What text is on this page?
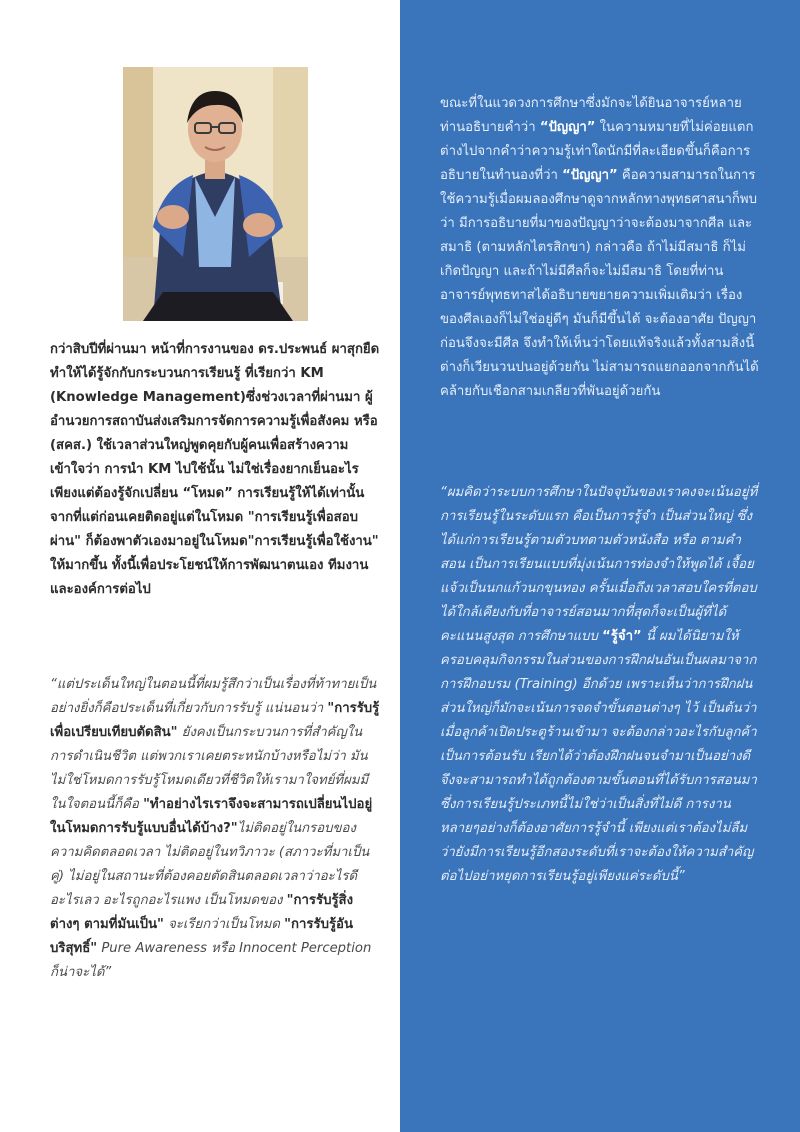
กว่าสิบปีที่ผ่านมา หน้าที่การงานของ ดร.ประพนธ์ ผาสุกยืด ทำให้ได้รู้จักกับกระบวนการเรียนรู้ ที่เรียกว่า KM (Knowledge Management)ซึ่งช่วงเวลาที่ผ่านมา ผู้อำนวยการสถาบันส่งเสริมการจัดการความรู้เพื่อสังคม หรือ (สคส.) ใช้เวลาส่วนใหญ่พูดคุยกับผู้คนเพื่อสร้างความเข้าใจว่า การนำ KM ไปใช้นั้น ไม่ใช่เรื่องยากเย็นอะไร เพียงแต่ต้องรู้จักเปลี่ยน “โหมด” การเรียนรู้ให้ได้เท่านั้น จากที่แต่ก่อนเคยติดอยู่แต่ในโหมด "การเรียนรู้เพื่อสอบผ่าน" ก็ต้องพาตัวเองมาอยู่ในโหมด"การเรียนรู้เพื่อใช้งาน" ให้มากขึ้น ทั้งนี้เพื่อประโยชน์ให้การพัฒนาตนเอง ทีมงาน และองค์การต่อไป

“แต่ประเด็นใหญ่ในตอนนี้ที่ผมรู้สึกว่าเป็นเรื่องที่ท้าทายเป็นอย่างยิ่งก็คือประเด็นที่เกี่ยวกับการรับรู้ แน่นอนว่า "การรับรู้เพื่อเปรียบเทียบตัดสิน" ยังคงเป็นกระบวนการที่สำคัญในการดำเนินชีวิต แต่พวกเราเคยตระหนักบ้างหรือไม่ว่า มันไม่ใช่โหมดการรับรู้โหมดเดียวที่ชีวิตให้เรามาใจทย์ที่ผมมีในใจตอนนี้ก็คือ "ทำอย่างไรเราจึงจะสามารถเปลี่ยนไปอยู่ในโหมดการรับรู้แบบอื่นได้บ้าง?"ไม่ติดอยู่ในกรอบของความคิดตลอดเวลา ไม่ติดอยู่ในทวิภาวะ (สภาวะที่มาเป็นคู่) ไม่อยู่ในสถานะที่ต้องคอยตัดสินตลอดเวลาว่าอะไรดีอะไรเลว อะไรถูกอะไรแพง เป็นโหมดของ "การรับรู้สิ่งต่างๆ ตามที่มันเป็น" จะเรียกว่าเป็นโหมด "การรับรู้อันบริสุทธิ์" Pure Awareness หรือ Innocent Perception ก็น่าจะได้”

ขณะที่ในแวดวงการศึกษาซึ่งมักจะได้ยินอาจารย์หลายท่านอธิบายคำว่า “ปัญญา” ในความหมายที่ไม่ค่อยแตกต่างไปจากคำว่าความรู้เท่าใดนักมีที่ละเอียดขึ้นก็คือการอธิบายในทำนองที่ว่า “ปัญญา” คือความสามารถในการใช้ความรู้เมื่อผมลองศึกษาดูจากหลักทางพุทธศาสนาก็พบว่า มีการอธิบายที่มาของปัญญาว่าจะต้องมาจากศีล และสมาธิ (ตามหลักไตรสิกขา) กล่าวคือ ถ้าไม่มีสมาธิ ก็ไม่เกิดปัญญา และถ้าไม่มีศีลก็จะไม่มีสมาธิ โดยที่ท่านอาจารย์พุทธทาสได้อธิบายขยายความเพิ่มเติมว่า เรื่องของศีลเองก็ไม่ใช่อยู่ดีๆ มันก็มีขึ้นได้ จะต้องอาศัย ปัญญาก่อนจึงจะมีศีล จึงทำให้เห็นว่าโดยแท้จริงแล้วทั้งสามสิ่งนี้ ต่างก็เวียนวนปนอยู่ด้วยกัน ไม่สามารถแยกออกจากกันได้ คล้ายกับเชือกสามเกลียวที่พันอยู่ด้วยกัน

“ผมคิดว่าระบบการศึกษาในปัจจุบันของเราคงจะเน้นอยู่ที่การเรียนรู้ในระดับแรก คือเป็นการรู้จำ เป็นส่วนใหญ่ ซึ่งได้แก่การเรียนรู้ตามตัวบทตามตัวหนังสือ หรือ ตามคำสอน เป็นการเรียนแบบที่มุ่งเน้นการท่องจำให้พูดได้ เจื้อยแจ้วเป็นนกแก้วนกขุนทอง ครั้นเมื่อถึงเวลาสอบใครที่ตอบได้ใกล้เคียงกับที่อาจารย์สอนมากที่สุดก็จะเป็นผู้ที่ได้คะแนนสูงสุด การศึกษาแบบ “รู้จำ” นี้ ผมได้นิยามให้ครอบคลุมกิจกรรมในส่วนของการฝึกฝนอันเป็นผลมาจากการฝึกอบรม (Training) อีกด้วย เพราะเห็นว่าการฝึกฝนส่วนใหญ่ก็มักจะเน้นการจดจำขั้นตอนต่างๆ ไว้ เป็นต้นว่า เมื่อลูกค้าเปิดประตูร้านเข้ามา จะต้องกล่าวอะไรกับลูกค้าเป็นการต้อนรับ เรียกได้ว่าต้องฝึกฝนจนจำมาเป็นอย่างดีจึงจะสามารถทำได้ถูกต้องตามขั้นตอนที่ได้รับการสอนมา ซึ่งการเรียนรู้ประเภทนี้ไม่ใช่ว่าเป็นสิ่งที่ไม่ดี การงานหลายๆอย่างก็ต้องอาศัยการรู้จำนี้ เพียงแต่เราต้องไม่ลืมว่ายังมีการเรียนรู้อีกสองระดับที่เราจะต้องให้ความสำคัญต่อไปอย่าหยุดการเรียนรู้อยู่เพียงแค่ระดับนี้”
